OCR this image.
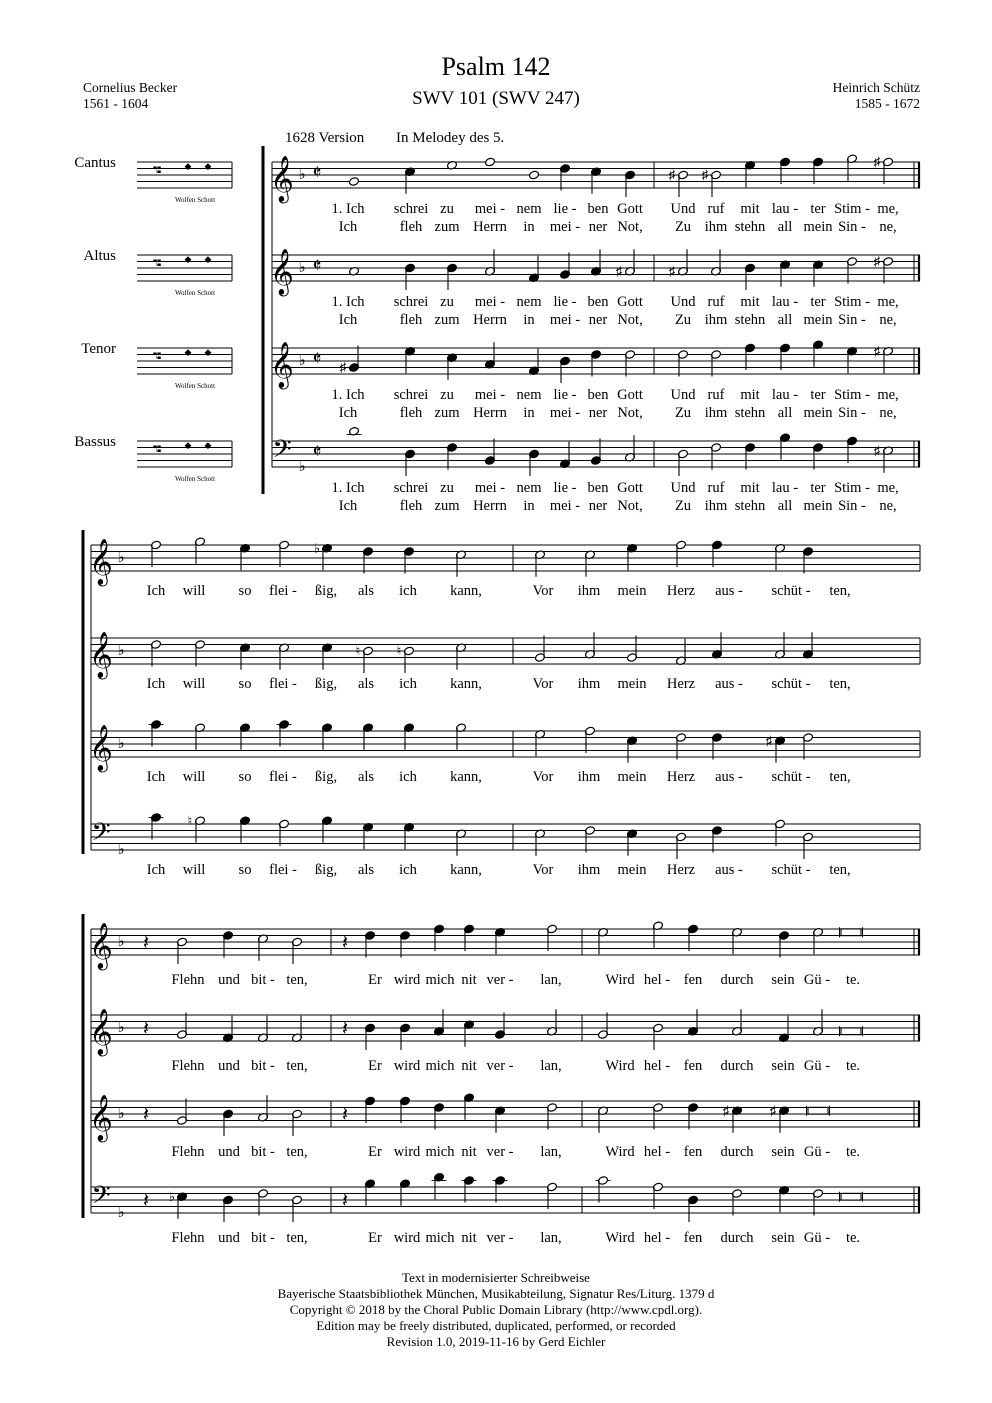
Psalm 142
SWV 101 (SWV 247)
Cornelius Becker
1561 - 1604
Heinrich Schütz
1585 - 1672
Cantus
Altus
Tenor
Bassus
𝄞 ♭ 𝄵
𝇑 ◆ ◆
𝄞 ♭ 𝄵
𝇑 ◆ ◆
𝄞 ♭ 𝄵
𝇑 ◆ ◆
𝄢 ♭
𝄵
𝇑 ◆ ◆
𝄞 ♭
𝄞 ♭
𝄞 ♭
𝄢 ♭
𝄞 ♭
𝄞 ♭
𝄞 ♭
𝄢 ♭
♯ ♯
♯
♯	♯
♯
♯
♯
♯
♭
♮	♮
♯
♮
𝄽	𝄽
𝄽	𝄽
𝄽	𝄽	♯	♯
𝄽 ♭	𝄽
Wolfen Schott
1. Ich schrei zu mei - nem lie - ben Gott Und ruf mit lau - ter Stim - me,
Ich	fleh zum Herrn in mei - ner Not, Zu ihm stehn all mein Sin - ne,
Wolfen Schott
1. Ich schrei zu mei - nem lie - ben Gott Und ruf mit lau - ter Stim - me,
Ich	fleh zum Herrn in mei - ner Not, Zu ihm stehn all mein Sin - ne,
Wolfen Schott
1. Ich schrei zu mei - nem lie - ben Gott Und ruf mit lau - ter Stim - me,
Ich	fleh zum Herrn in mei - ner Not, Zu ihm stehn all mein Sin - ne,
Wolfen Schott
1. Ich schrei zu mei - nem lie - ben Gott Und ruf mit lau - ter Stim - me,
Ich	fleh zum Herrn in mei - ner Not, Zu ihm stehn all mein Sin - ne,
1628 Version In Melodey des 5.
Ich will so flei - ßig, als ich kann,	Vor ihm mein Herz aus - schüt - ten,
Ich will so flei - ßig, als ich kann,	Vor ihm mein Herz aus - schüt - ten,
Ich will so flei - ßig, als ich kann,	Vor ihm mein Herz aus - schüt - ten,
Ich will so flei - ßig, als ich kann,	Vor ihm mein Herz aus - schüt - ten,
Flehn und bit - ten,	Er wird mich nit ver - lan,	Wird hel - fen durch sein Gü - te.
Flehn und bit - ten,	Er wird mich nit ver - lan,	Wird hel - fen durch sein Gü - te.
Flehn und bit - ten,	Er wird mich nit ver - lan,	Wird hel - fen durch sein Gü - te.
Flehn und bit - ten,	Er wird mich nit ver - lan,	Wird hel - fen durch sein Gü - te.
Text in modernisierter Schreibweise
Bayerische Staatsbibliothek München, Musikabteilung, Signatur Res/Liturg. 1379 d
Copyright © 2018 by the Choral Public Domain Library (http://www.cpdl.org).
Edition may be freely distributed, duplicated, performed, or recorded
Revision 1.0, 2019-11-16 by Gerd Eichler
